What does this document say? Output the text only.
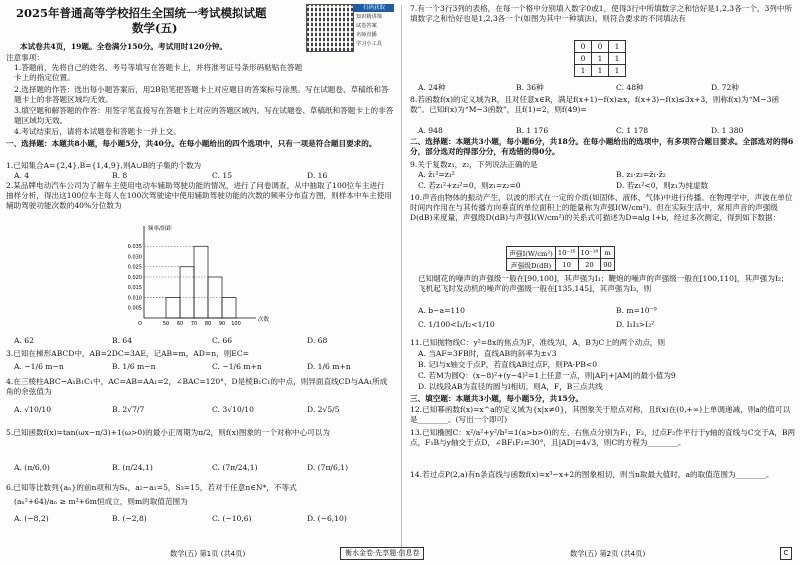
2025年普通高等学校招生全国统一考试模拟试题
数学(五)
扫码获取
知识精讲课
试卷答案
名师直播
学习小工具
本试卷共4页，19题。全卷满分150分。考试用时120分钟。
注意事项：
1.答题前，先将自己的姓名、考号等填写在答题卡上，并将准考证号条形码粘贴在答题卡上的指定位置。
2.选择题的作答：选出每小题答案后，用2B铅笔把答题卡上对应题目的答案标号涂黑。写在试题卷、草稿纸和答题卡上的非答题区域均无效。
3.填空题和解答题的作答：用签字笔直接写在答题卡上对应的答题区域内。写在试题卷、草稿纸和答题卡上的非答题区域均无效。
4.考试结束后，请将本试题卷和答题卡一并上交。
一、选择题：本题共8小题，每小题5分，共40分。在每小题给出的四个选项中，只有一项是符合题目要求的。
1.已知集合A={2,4},B={1,4,9},则A∪B的子集的个数为
A. 4	B. 8	C. 15	D. 16
2.某品牌电动汽车公司为了解车主使用电动车辅助驾驶功能的情况，进行了问卷调查，从中抽取了100位车主进行抽样分析，得出这100位车主每人在100次驾驶途中使用辅助驾驶功能的次数的频率分布直方图，则样本中车主使用辅助驾驶功能次数的40%分位数为
频率/组距
次数
0.035
0.030
0.025
0.020
0.015
0.010
0.005
50 60 70 80 90 100
O
A. 62	B. 64	C. 66	D. 68
3.已知在梯形ABCD中，AB=2DC=3AE，记AB=m，AD=n，则EC=
A. −1/6 m−n	B. 1/6 m−n	C. −1/6 m+n	D. 1/6 m+n
4.在三棱柱ABC−A₁B₁C₁中，AC=AB=AA₁=2，∠BAC=120°，D是棱B₁C₁的中点，则异面直线CD与AA₁所成角的余弦值为
A. √10/10	B. 2√7/7	C. 3√10/10	D. 2√5/5
5.已知函数f(x)=tan(ωx−π/3)+1(ω>0)的最小正周期为π/2，则f(x)图象的一个对称中心可以为
A. (π/6,0)	B. (π/24,1)	C. (7π/24,1)	D. (7π/6,1)
6.已知等比数列{aₙ}的前n项和为Sₙ，a₂−a₁=5，S₃=15，若对于任意n∈N*，不等式
(aₙ²+64)/aₙ ≥ m²+6m恒成立，则m的取值范围为
A. (−8,2)	B. (−2,8)	C. (−10,6)	D. (−6,10)
7.有一个3行3列的表格，在每一个格中分别填入数字0或1，使得3行中所填数字之和恰好是1,2,3各一个，3列中所填数字之和恰好也是1,2,3各一个(如图为其中一种填法)，则符合要求的不同填法有
0	0	1
0	1	1
1	1	1
A. 24种	B. 36种	C. 48种	D. 72种
8.若函数f(x)的定义域为R，且对任意x∈R，满足f(x+1)−f(x)≥x，f(x+3)−f(x)≤3x+3，则称f(x)为“M−3函数”。已知f(x)为“M−3函数”，且f(1)=2，则f(49)=
A. 948	B. 1 176	C. 1 178	D. 1 380
二、选择题：本题共3小题，每小题6分，共18分。在每小题给出的选项中，有多项符合题目要求。全部选对的得6分，部分选对的得部分分，有选错的得0分。
9.关于复数z₁，z₂，下列说法正确的是
A. z̄₁²=z₁²	B. z₁·z₂=z̄₁·z̄₂
C. 若z₁²+z₂²=0，则z₁=z₂=0	D. 若z₁²<0，则z₁为纯虚数
10.声音由物体的振动产生，以波的形式在一定的介质(如固体、液体、气体)中进行传播。在物理学中，声波在单位时间内作用在与其传播方向垂直的单位面积上的能量称为声强I(W/cm²)。但在实际生活中，常用声音的声强级D(dB)来度量，声强级D(dB)与声强I(W/cm²)的关系式可描述为D=alg I+b，经过多次测定，得到如下数据：
声强I(W/cm²)	10⁻¹⁶	10⁻¹⁸	m
声强级D(dB)	10	20	90
已知烟花的噪声的声强级一般在[90,100]，其声强为I₁；鞭炮的噪声的声强级一般在[100,110]，其声强为I₂；飞机起飞时发动机的噪声的声强级一般在[135,145]，其声强为I₃，则
A. b−a=110	B. m=10⁻⁹
C. 1/100<I₁/I₂<1/10	D. I₁I₃>I₂²
11.已知抛物线C：y²=8x的焦点为F，准线为l，A，B为C上的两个动点，则
A. 当AF=3FB时，直线AB的斜率为±√3
B. 记l与x轴交于点P，若直线AB过点F，则PA·PB<0
C. 若M为圆Q：(x−8)²+(y−4)²=1上任意一点，则|AF|+|AM|的最小值为9
D. 以线段AB为直径的圆与l相切，则A，F，B三点共线
三、填空题：本题共3小题，每小题5分，共15分。
12.已知幂函数f(x)=x^a的定义域为{x|x≠0}，其图象关于原点对称，且f(x)在(0,+∞)上单调递减，则a的值可以是________。(写出一个即可)
13.已知椭圆C：x²/a²+y²/b²=1(a>b>0)的左、右焦点分别为F₁，F₂，过点F₂作平行于y轴的直线与C交于A，B两点，F₁B与y轴交于点D，∠BF₁F₂=30°，且|AD|=4√3，则C的方程为________。
14.若过点P(2,a)有n条直线与函数f(x)=x³−x+2的图象相切，则当n取最大值时，a的取值范围为________。
数学(五) 第1页 (共4页)	衡水金卷·先享题·信息卷	数学(五) 第2页 (共4页)	C
